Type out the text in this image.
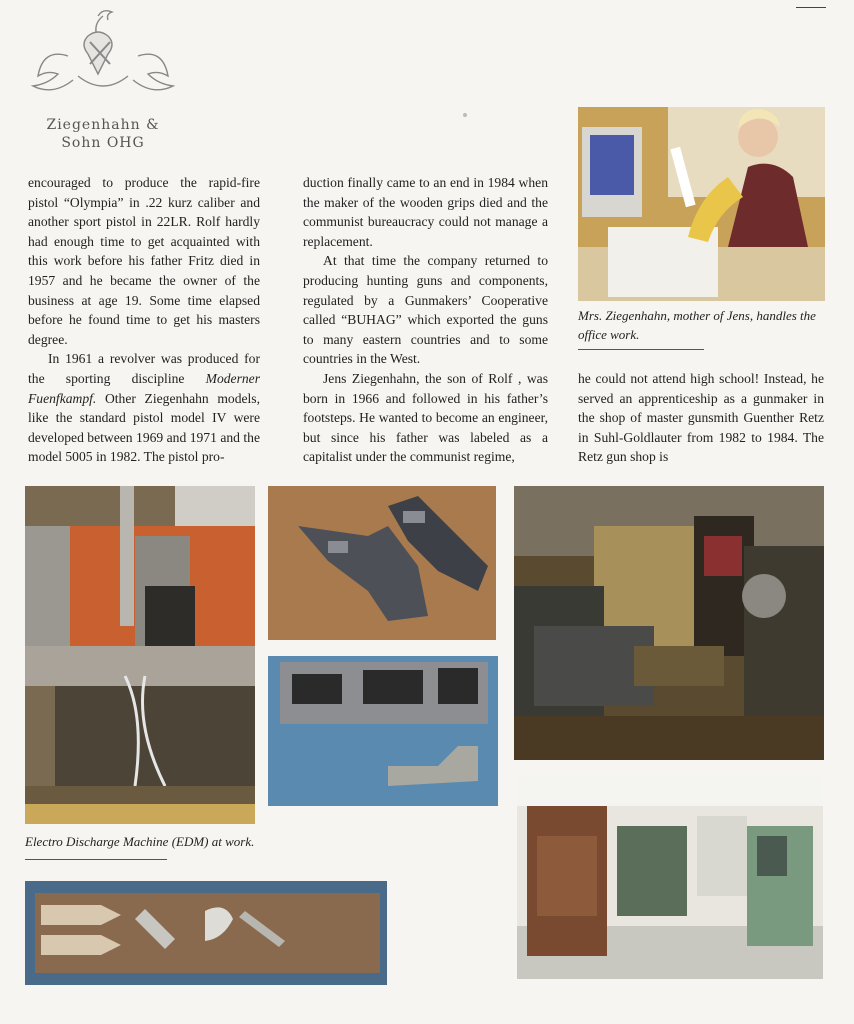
Ziegenhahn &
Sohn OHG

encouraged to produce the rapid-fire pistol “Olympia” in .22 kurz caliber and another sport pistol in 22LR. Rolf hardly had enough time to get acquainted with this work before his father Fritz died in 1957 and he became the owner of the business at age 19. Some time elapsed before he found time to get his masters degree.

In 1961 a revolver was produced for the sporting discipline Moderner Fuenfkampf. Other Ziegenhahn models, like the standard pistol model IV were developed between 1969 and 1971 and the model 5005 in 1982. The pistol pro-

duction finally came to an end in 1984 when the maker of the wooden grips died and the communist bureaucracy could not manage a replacement.

At that time the company returned to producing hunting guns and components, regulated by a Gunmakers’ Cooperative called “BUHAG” which exported the guns to many eastern countries and to some countries in the West.

Jens Ziegenhahn, the son of Rolf , was born in 1966 and followed in his father’s footsteps. He wanted to become an engineer, but since his father was labeled as a capitalist under the communist regime,

he could not attend high school! Instead, he served an apprenticeship as a gunmaker in the shop of master gunsmith Guenther Retz in Suhl-Goldlauter from 1982 to 1984. The Retz gun shop is

Mrs. Ziegenhahn, mother of Jens, handles the office work.
Electro Discharge Machine (EDM) at work.
